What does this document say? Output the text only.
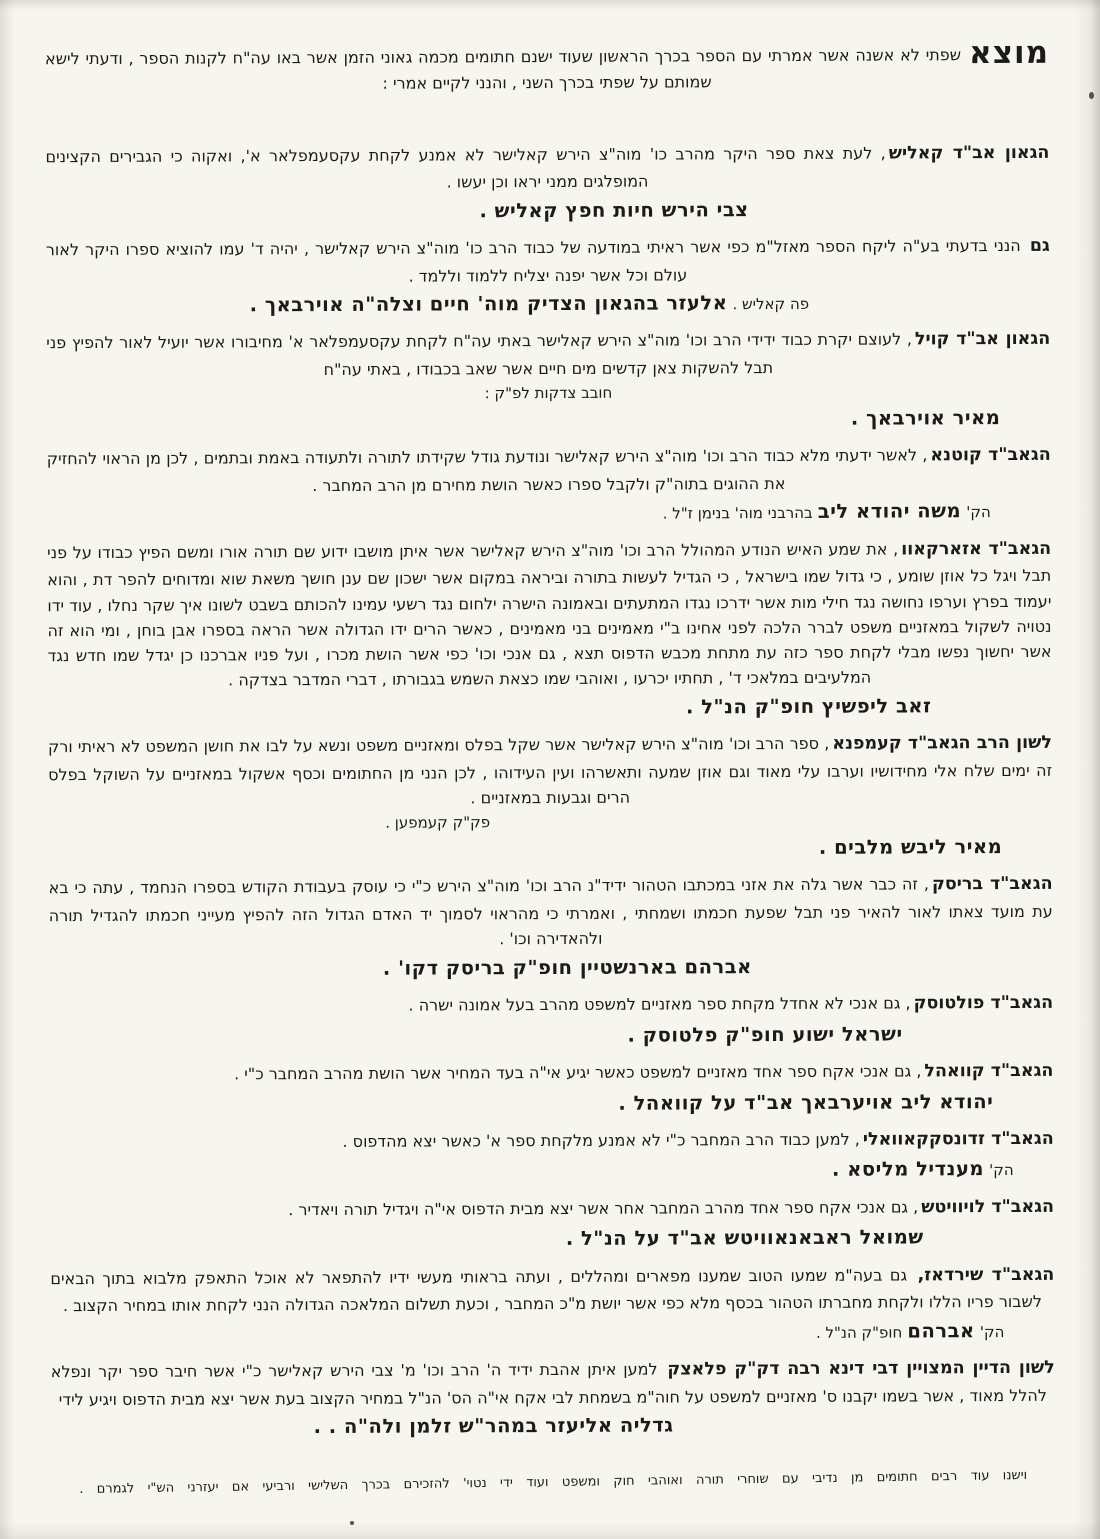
מוצאשפתי לא אשנה אשר אמרתי עם הספר בכרך הראשון שעוד ישנם חתומים מכמה גאוני הזמן אשר באו עה"ח לקנות הספר , ודעתי לישא שמותם על שפתי בכרך השני , והנני לקיים אמרי :

הגאון אב"ד קאליש, לעת צאת ספר היקר מהרב כו' מוה"צ הירש קאלישר לא אמנע לקחת עקסעמפלאר א', ואקוה כי הגבירים הקצינים המופלגים ממני יראו וכן יעשו .

צבי הירש חיות חפץ קאליש .

גם הנני בדעתי בע"ה ליקח הספר מאזל"מ כפי אשר ראיתי במודעה של כבוד הרב כו' מוה"צ הירש קאלישר , יהיה ד' עמו להוציא ספרו היקר לאור עולם וכל אשר יפנה יצליח ללמוד וללמד .

פה קאליש . אלעזר בהגאון הצדיק מוה' חיים וצלה"ה אוירבאך .

הגאון אב"ד קויל, לעוצם יקרת כבוד ידידי הרב וכו' מוה"צ הירש קאלישר באתי עה"ח לקחת עקסעמפלאר א' מחיבורו אשר יועיל לאור להפיץ פני תבל להשקות צאן קדשים מים חיים אשר שאב בכבודו , באתי עה"ח

חובב צדקות לפ"ק :

מאיר אוירבאך .

הגאב"ד קוטנא, לאשר ידעתי מלא כבוד הרב וכו' מוה"צ הירש קאלישר ונודעת גודל שקידתו לתורה ולתעודה באמת ובתמים , לכן מן הראוי להחזיק את ההוגים בתוה"ק ולקבל ספרו כאשר הושת מחירם מן הרב המחבר .

הק' משה יהודא ליב בהרבני מוה' בנימן ז"ל .

הגאב"ד אזארקאוו, את שמע האיש הנודע המהולל הרב וכו' מוה"צ הירש קאלישר אשר איתן מושבו ידוע שם תורה אורו ומשם הפיץ כבודו על פני תבל ויגל כל אוזן שומע , כי גדול שמו בישראל , כי הגדיל לעשות בתורה וביראה במקום אשר ישכון שם ענן חושך משאת שוא ומדוחים להפר דת , והוא יעמוד בפרץ וערפו נחושה נגד חילי מות אשר ידרכו נגדו המתעתים ובאמונה הישרה ילחום נגד רשעי עמינו להכותם בשבט לשונו איך שקר נחלו , עוד ידו נטויה לשקול במאזניים משפט לברר הלכה לפני אחינו ב"י מאמינים בני מאמינים , כאשר הרים ידו הגדולה אשר הראה בספרו אבן בוחן , ומי הוא זה אשר יחשוך נפשו מבלי לקחת ספר כזה עת מתחת מכבש הדפוס תצא , גם אנכי וכו' כפי אשר הושת מכרו , ועל פניו אברכנו כן יגדל שמו חדש נגד המלעיבים במלאכי ד' , תחתיו יכרעו , ואוהבי שמו כצאת השמש בגבורתו , דברי המדבר בצדקה .

זאב ליפשיץ חופ"ק הנ"ל .

לשון הרב הגאב"ד קעמפנא, ספר הרב וכו' מוה"צ הירש קאלישר אשר שקל בפלס ומאזניים משפט ונשא על לבו את חושן המשפט לא ראיתי ורק זה ימים שלח אלי מחידושיו וערבו עלי מאוד וגם אוזן שמעה ותאשרהו ועין העידוהו , לכן הנני מן החתומים וכסף אשקול במאזניים על השוקל בפלס הרים וגבעות במאזניים .

פק"ק קעמפען .

מאיר ליבש מלבים .

הגאב"ד בריסק, זה כבר אשר גלה את אזני במכתבו הטהור ידיד"נ הרב וכו' מוה"צ הירש כ"י כי עוסק בעבודת הקודש בספרו הנחמד , עתה כי בא עת מועד צאתו לאור להאיר פני תבל שפעת חכמתו ושמחתי , ואמרתי כי מהראוי לסמוך יד האדם הגדול הזה להפיץ מעייני חכמתו להגדיל תורה ולהאדירה וכו' .

אברהם בארנשטיין חופ"ק בריסק דקו' .

הגאב"ד פולטוסק, גם אנכי לא אחדל מקחת ספר מאזניים למשפט מהרב בעל אמונה ישרה .

ישראל ישוע חופ"ק פלטוסק .

הגאב"ד קוואהל, גם אנכי אקח ספר אחד מאזניים למשפט כאשר יגיע אי"ה בעד המחיר אשר הושת מהרב המחבר כ"י .

יהודא ליב אויערבאך אב"ד על קוואהל .

הגאב"ד זדונסקקאוואלי, למען כבוד הרב המחבר כ"י לא אמנע מלקחת ספר א' כאשר יצא מהדפוס .

הק' מענדיל מליסא .

הגאב"ד לויוויטש, גם אנכי אקח ספר אחד מהרב המחבר אחר אשר יצא מבית הדפוס אי"ה ויגדיל תורה ויאדיר .

שמואל ראבאנאוויטש אב"ד על הנ"ל .

הגאב"ד שירדאז, גם בעה"מ שמעו הטוב שמענו מפארים ומהללים , ועתה בראותי מעשי ידיו להתפאר לא אוכל התאפק מלבוא בתוך הבאים לשבור פריו הללו ולקחת מחברתו הטהור בכסף מלא כפי אשר יושת מ"כ המחבר , וכעת תשלום המלאכה הגדולה הנני לקחת אותו במחיר הקצוב .

הק' אברהם חופ"ק הנ"ל .

לשון הדיין המצויין דבי דינא רבה דק"ק פלאצק למען איתן אהבת ידיד ה' הרב וכו' מ' צבי הירש קאלישר כ"י אשר חיבר ספר יקר ונפלא להלל מאוד , אשר בשמו יקבנו ס' מאזניים למשפט על חוה"מ בשמחת לבי אקח אי"ה הס' הנ"ל במחיר הקצוב בעת אשר יצא מבית הדפוס ויגיע לידי

גדליה אליעזר במהר"ש זלמן ולה"ה . .

וישנו עוד רבים חתומים מן נדיבי עם שוחרי תורה ואוהבי חוק ומשפט ועוד ידי נטוי' להזכירם בכרך השלישי ורביעי אם יעזרני הש"י לגמרם .
